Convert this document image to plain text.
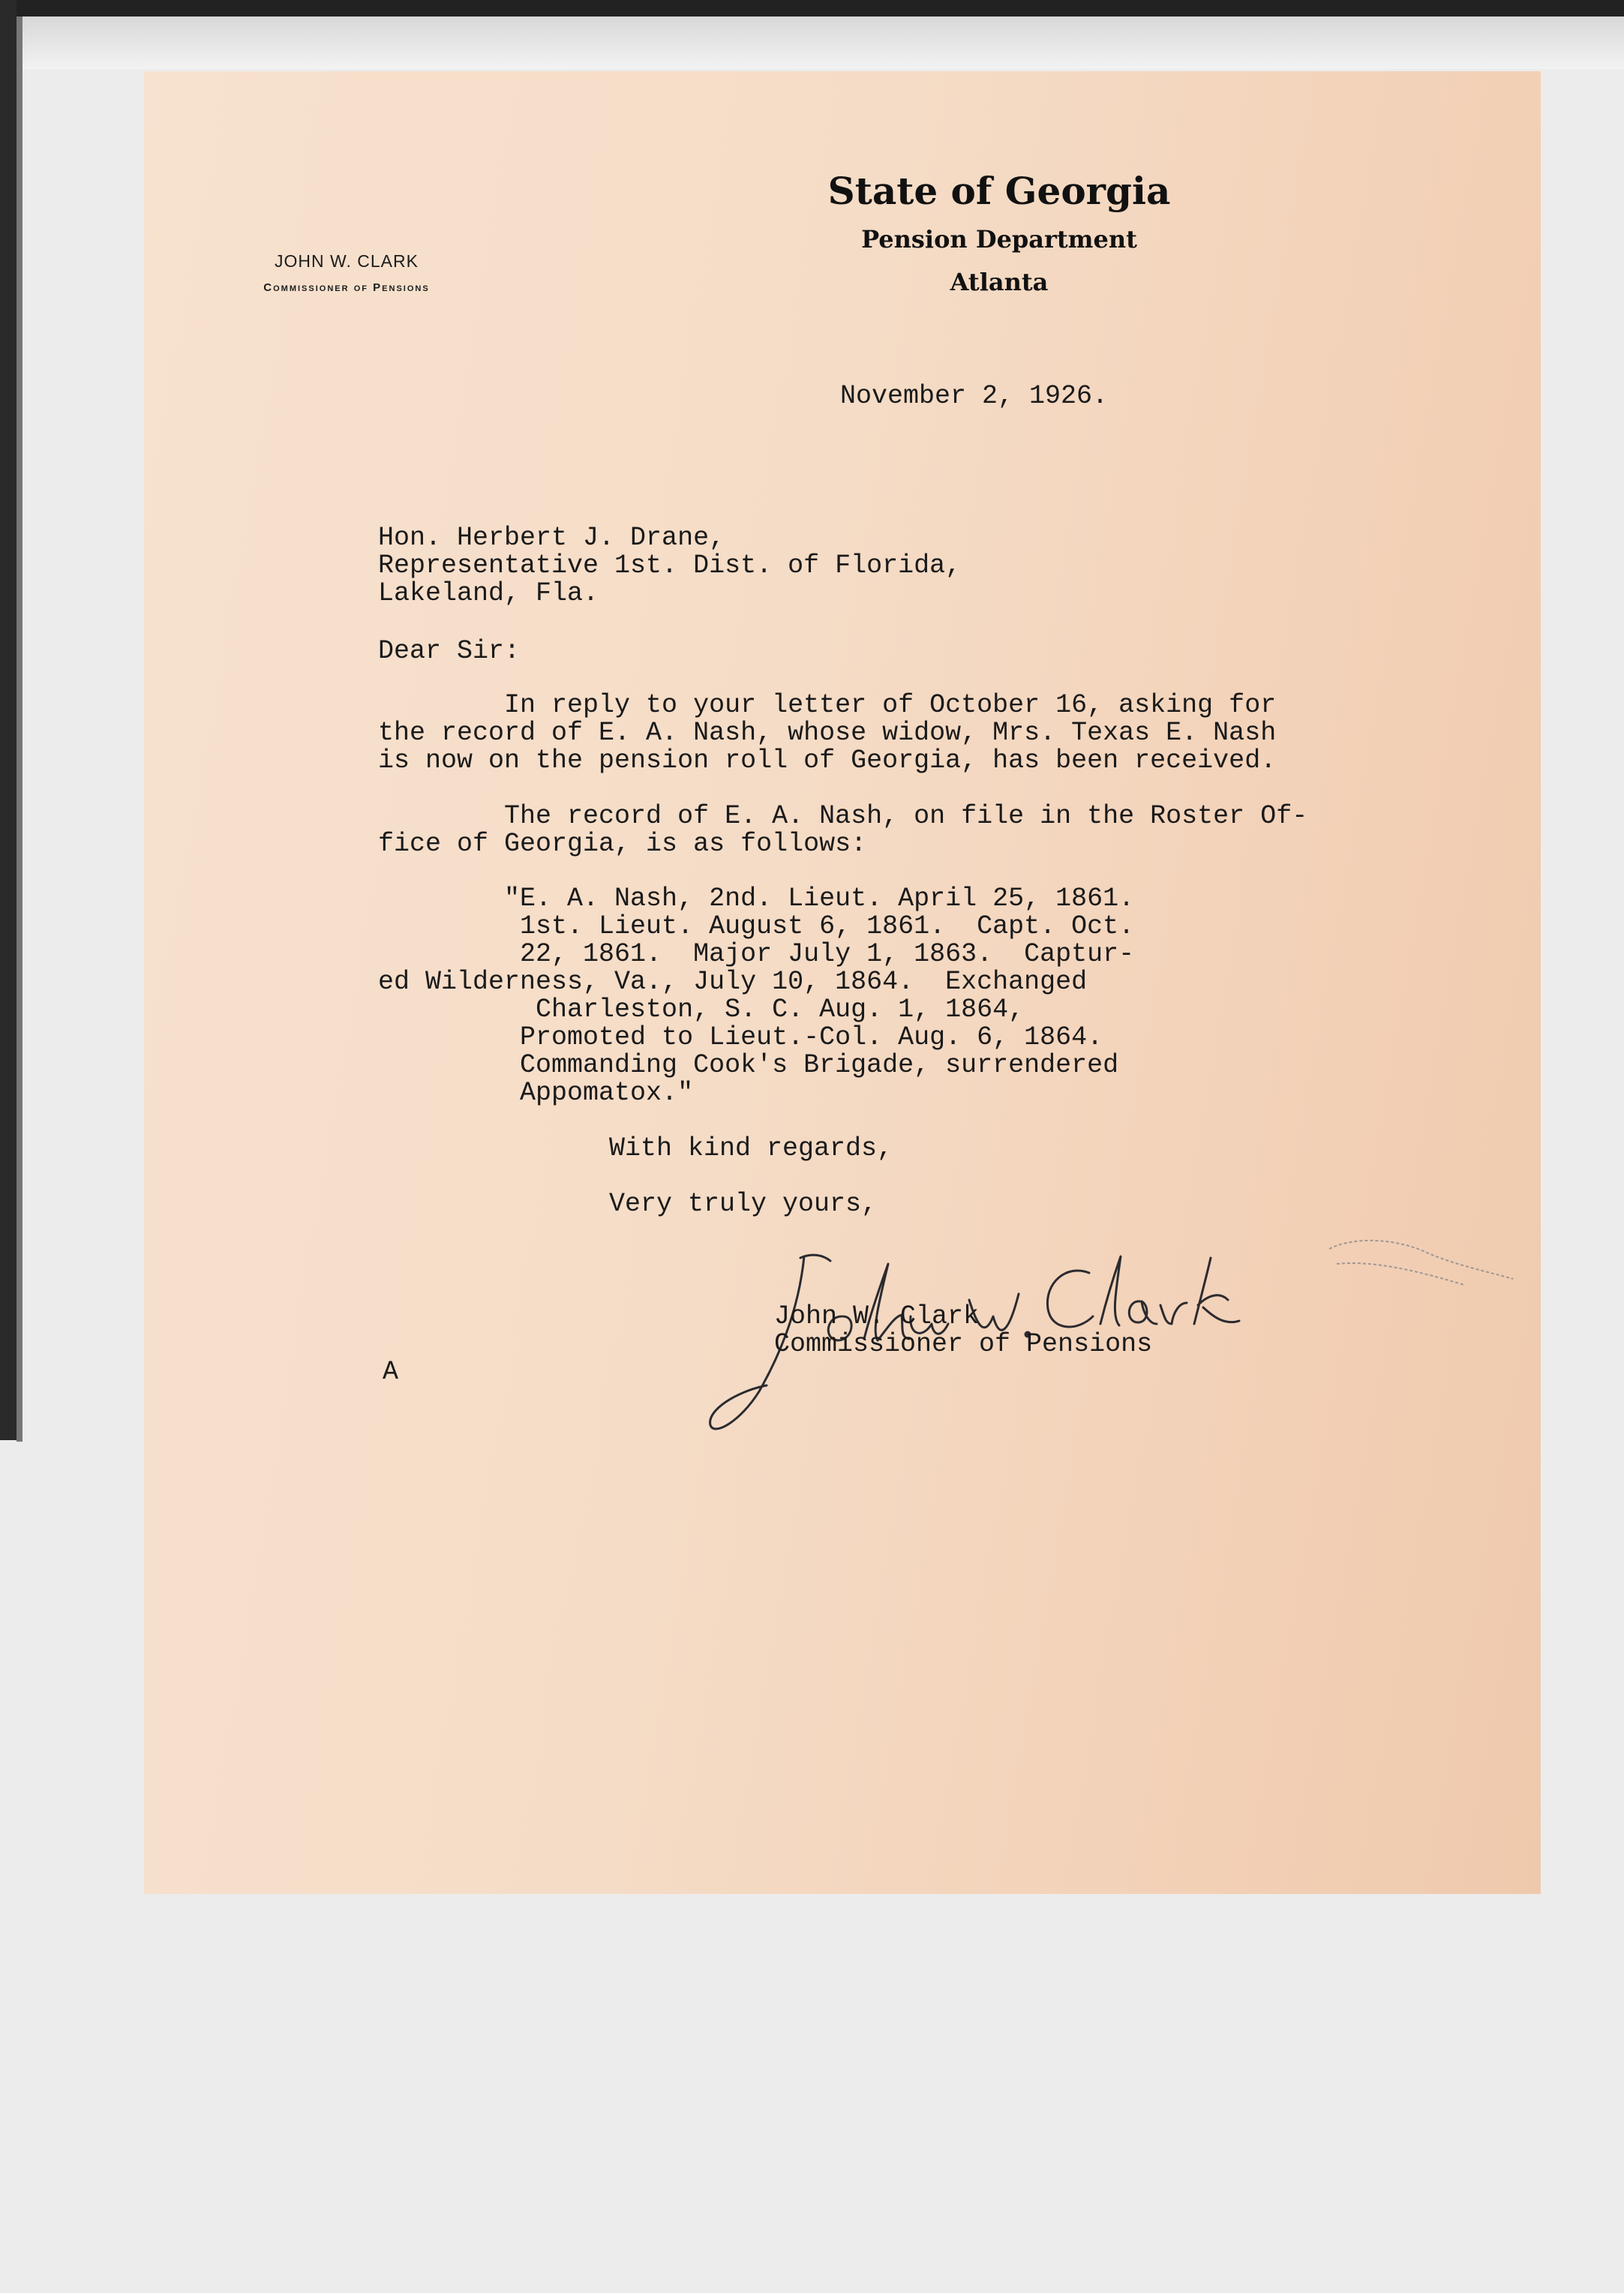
State of Georgia
Pension Department
Atlanta
JOHN W. CLARK
Commissioner of Pensions
November 2, 1926.
Hon. Herbert J. Drane,
Representative 1st. Dist. of Florida,
Lakeland, Fla.
Dear Sir:
In reply to your letter of October 16, asking for
the record of E. A. Nash, whose widow, Mrs. Texas E. Nash
is now on the pension roll of Georgia, has been received.
The record of E. A. Nash, on file in the Roster Of-
fice of Georgia, is as follows:
"E. A. Nash, 2nd. Lieut. April 25, 1861.
1st. Lieut. August 6, 1861.  Capt. Oct.
22, 1861.  Major July 1, 1863.  Captur-
ed Wilderness, Va., July 10, 1864.  Exchanged
Charleston, S. C. Aug. 1, 1864,
Promoted to Lieut.-Col. Aug. 6, 1864.
Commanding Cook's Brigade, surrendered
Appomatox."
With kind regards,
Very truly yours,
John W. Clark
Commissioner of Pensions
A
